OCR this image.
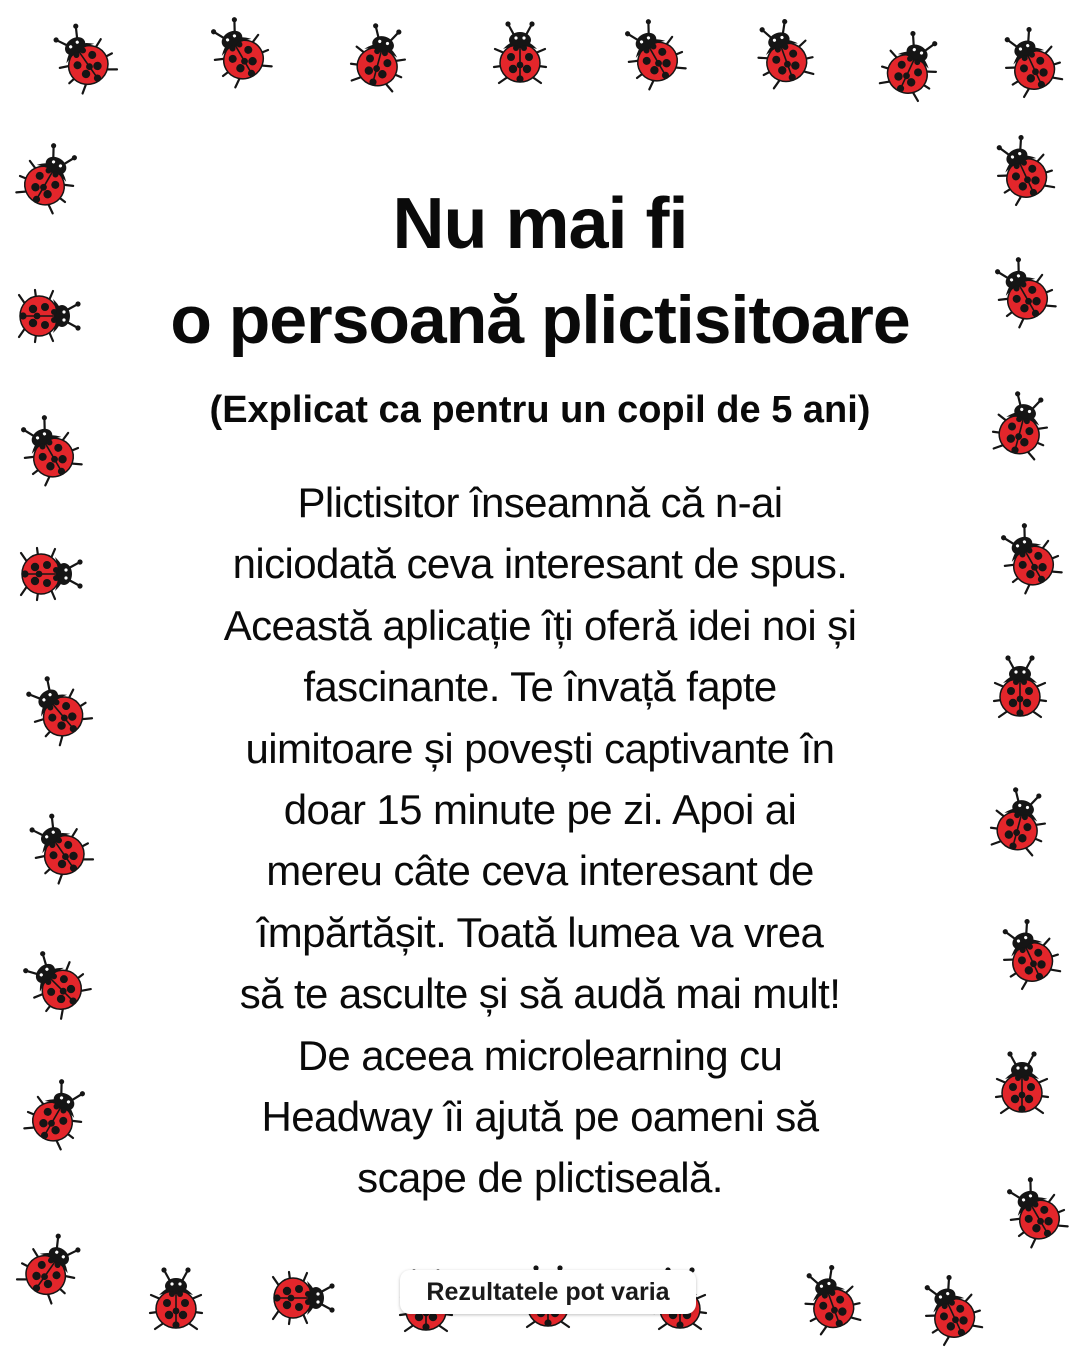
Nu mai fi
o persoană plictisitoare

(Explicat ca pentru un copil de 5 ani)

Plictisitor înseamnă că n-ai
niciodată ceva interesant de spus.
Această aplicație îți oferă idei noi și
fascinante. Te învață fapte
uimitoare și povești captivante în
doar 15 minute pe zi. Apoi ai
mereu câte ceva interesant de
împărtășit. Toată lumea va vrea
să te asculte și să audă mai mult!
De aceea microlearning cu
Headway îi ajută pe oameni să
scape de plictiseală.

Rezultatele pot varia
